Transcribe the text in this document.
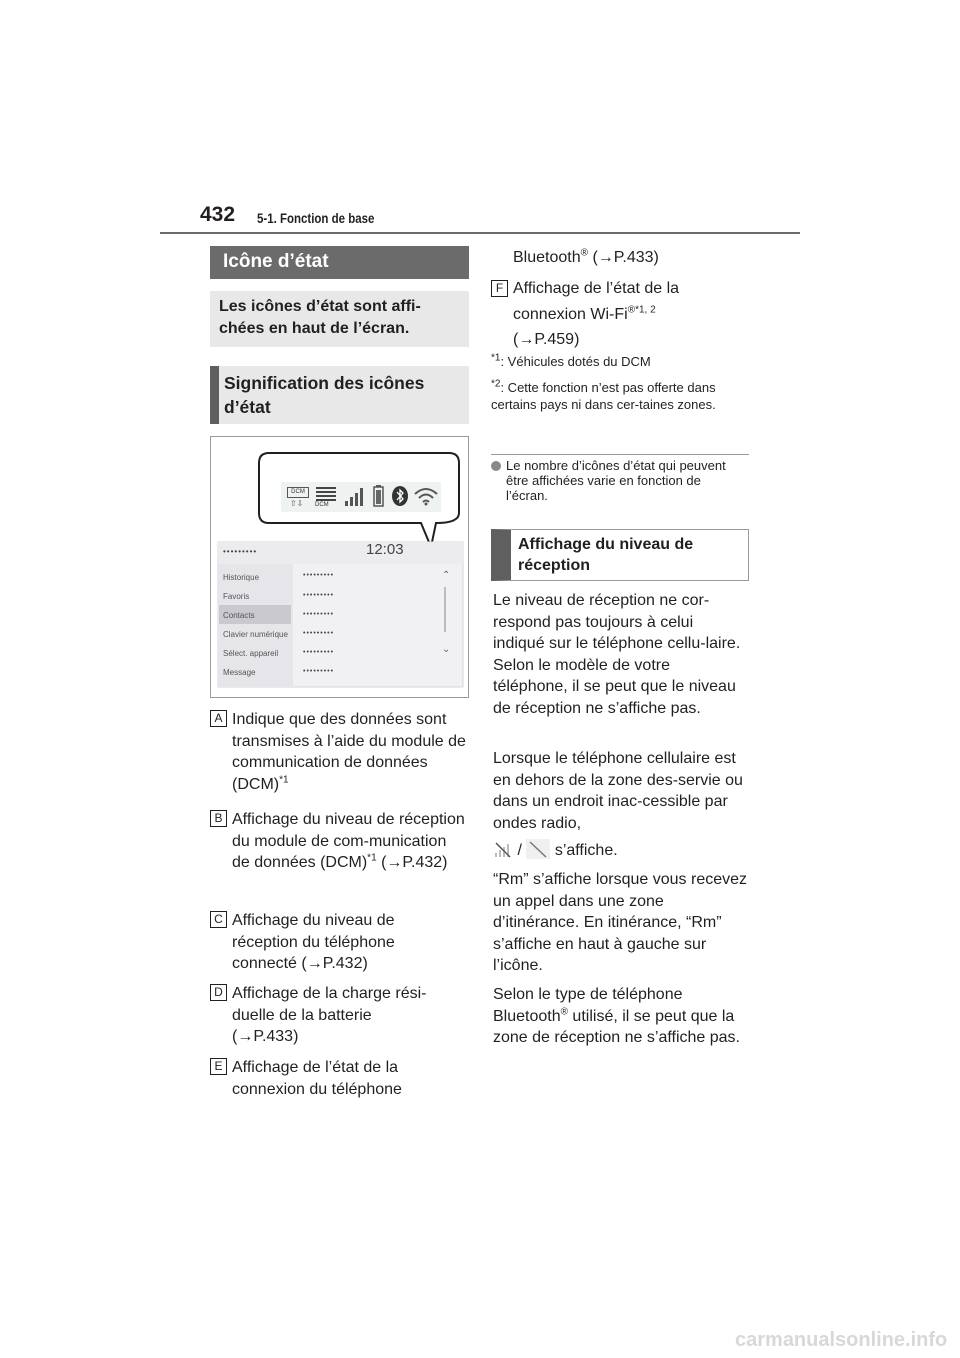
432 5-1. Fonction de base
Icône d’état
Les icônes d’état sont affi-
chées en haut de l’écran.
Signification des icônes d’état
DCM
⇧⇩ DCM
•••••••••	12:03
Historique
Favoris
Contacts
Clavier numérique
Sélect. appareil
Message
•••••••••
•••••••••
•••••••••
•••••••••
•••••••••
•••••••••
⌃
⌄
A Indique que des données sont transmises à l’aide du module de communication de données (DCM)$^{*1}$
B Affichage du niveau de réception du module de com-munication de données (DCM)$^{*1}$ (→P.432)
C Affichage du niveau de réception du téléphone connecté (→P.432)
D Affichage de la charge rési-duelle de la batterie
(→P.433)
E Affichage de l’état de la connexion du téléphone
Bluetooth® (→P.433)
F Affichage de l’état de la
connexion $Wi-Fi^{®*1, 2}$
(→P.459)
$^{*1}$: Véhicules dotés du DCM
$^{*2}$: Cette fonction n’est pas offerte dans certains pays ni dans cer-taines zones.
Le nombre d’icônes d’état qui peuvent être affichées varie en fonction de l’écran.
Affichage du niveau de réception
Le niveau de réception ne cor-respond pas toujours à celui indiqué sur le téléphone cellu-laire. Selon le modèle de votre téléphone, il se peut que le niveau de réception ne s’affiche pas.
Lorsque le téléphone cellulaire est en dehors de la zone des-servie ou dans un endroit inac-cessible par ondes radio,
/ s’affiche.
“Rm” s’affiche lorsque vous recevez un appel dans une zone d’itinérance. En itinérance, “Rm” s’affiche en haut à gauche sur l’icône.
Selon le type de téléphone Bluetooth® utilisé, il se peut que la zone de réception ne s’affiche pas.
carmanualsonline.info
